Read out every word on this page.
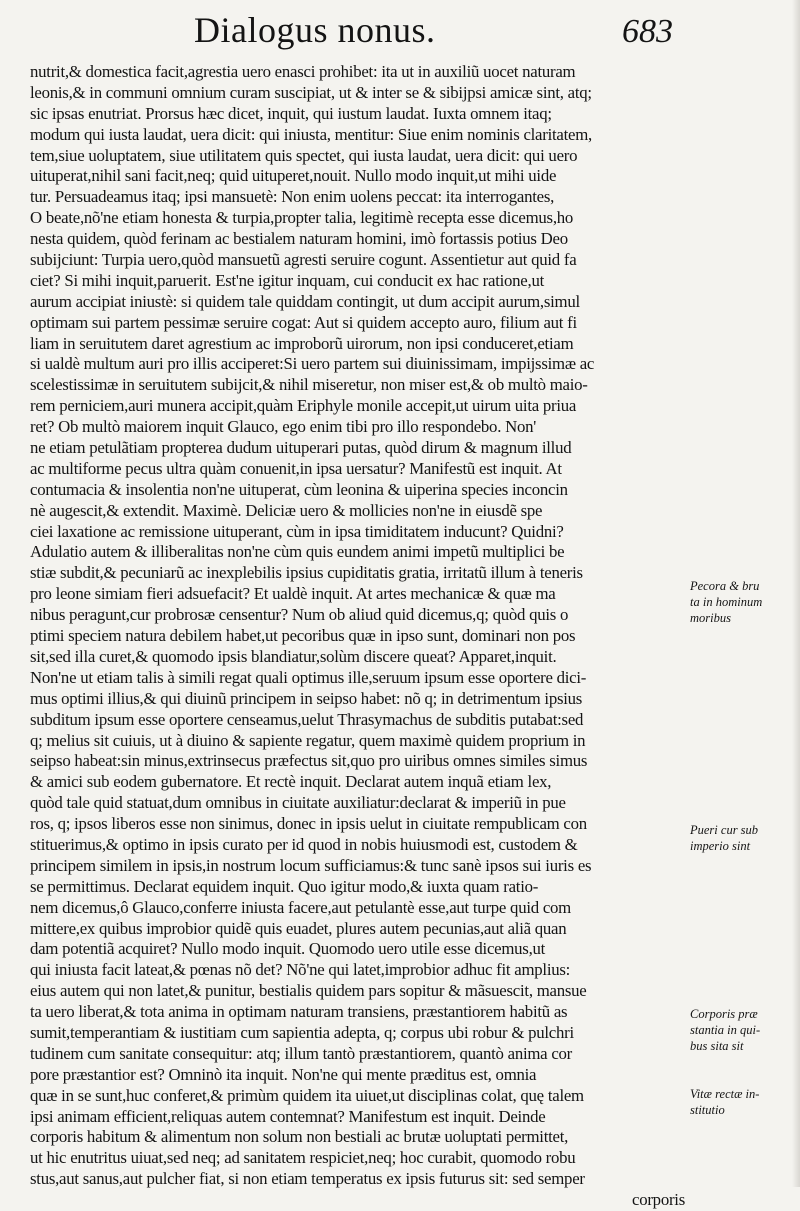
Dialogus nonus.	683
nutrit,& domestica facit,agrestia uero enasci prohibet: ita ut in auxiliũ uocet naturam
leonis,& in communi omnium curam suscipiat, ut & inter se & sibijpsi amicæ sint, atq;
sic ipsas enutriat. Prorsus hæc dicet, inquit, qui iustum laudat. Iuxta omnem itaq;
modum qui iusta laudat, uera dicit: qui iniusta, mentitur: Siue enim nominis claritatem,
tem,siue uoluptatem, siue utilitatem quis spectet, qui iusta laudat, uera dicit: qui uero
uituperat,nihil sani facit,neq; quid uituperet,nouit. Nullo modo inquit,ut mihi uide
tur. Persuadeamus itaq; ipsi mansuetè: Non enim uolens peccat: ita interrogantes,
O beate,nõ'ne etiam honesta & turpia,propter talia, legitimè recepta esse dicemus,ho
nesta quidem, quòd ferinam ac bestialem naturam homini, imò fortassis potius Deo
subijciunt: Turpia uero,quòd mansuetũ agresti seruire cogunt. Assentietur aut quid fa
ciet? Si mihi inquit,paruerit. Est'ne igitur inquam, cui conducit ex hac ratione,ut
aurum accipiat iniustè: si quidem tale quiddam contingit, ut dum accipit aurum,simul
optimam sui partem pessimæ seruire cogat: Aut si quidem accepto auro, filium aut fi
liam in seruitutem daret agrestium ac improborũ uirorum, non ipsi conduceret,etiam
si ualdè multum auri pro illis acciperet:Si uero partem sui diuinissimam, impijssimæ ac
scelestissimæ in seruitutem subijcit,& nihil miseretur, non miser est,& ob multò maio-
rem perniciem,auri munera accipit,quàm Eriphyle monile accepit,ut uirum uita priua
ret? Ob multò maiorem inquit Glauco, ego enim tibi pro illo respondebo. Non'
ne etiam petulãtiam propterea dudum uituperari putas, quòd dirum & magnum illud
ac multiforme pecus ultra quàm conuenit,in ipsa uersatur? Manifestũ est inquit. At
contumacia & insolentia non'ne uituperat, cùm leonina & uiperina species inconcin
nè augescit,& extendit. Maximè. Deliciæ uero & mollicies non'ne in eiusdẽ spe
ciei laxatione ac remissione uituperant, cùm in ipsa timiditatem inducunt? Quidni?
Adulatio autem & illiberalitas non'ne cùm quis eundem animi impetũ multiplici be
stiæ subdit,& pecuniarũ ac inexplebilis ipsius cupiditatis gratia, irritatũ illum à teneris
pro leone simiam fieri adsuefacit? Et ualdè inquit. At artes mechanicæ & quæ ma
nibus peragunt,cur probrosæ censentur? Num ob aliud quid dicemus,q; quòd quis o
ptimi speciem natura debilem habet,ut pecoribus quæ in ipso sunt, dominari non pos
sit,sed illa curet,& quomodo ipsis blandiatur,solùm discere queat? Apparet,inquit.
Non'ne ut etiam talis à simili regat quali optimus ille,seruum ipsum esse oportere dici-
mus optimi illius,& qui diuinũ principem in seipso habet: nõ q; in detrimentum ipsius
subditum ipsum esse oportere censeamus,uelut Thrasymachus de subditis putabat:sed
q; melius sit cuiuis, ut à diuino & sapiente regatur, quem maximè quidem proprium in
seipso habeat:sin minus,extrinsecus præfectus sit,quo pro uiribus omnes similes simus
& amici sub eodem gubernatore. Et rectè inquit. Declarat autem inquã etiam lex,
quòd tale quid statuat,dum omnibus in ciuitate auxiliatur:declarat & imperiũ in pue
ros, q; ipsos liberos esse non sinimus, donec in ipsis uelut in ciuitate rempublicam con
stituerimus,& optimo in ipsis curato per id quod in nobis huiusmodi est, custodem &
principem similem in ipsis,in nostrum locum sufficiamus:& tunc sanè ipsos sui iuris es
se permittimus. Declarat equidem inquit. Quo igitur modo,& iuxta quam ratio-
nem dicemus,ô Glauco,conferre iniusta facere,aut petulantè esse,aut turpe quid com
mittere,ex quibus improbior quidẽ quis euadet, plures autem pecunias,aut aliã quan
dam potentiã acquiret? Nullo modo inquit. Quomodo uero utile esse dicemus,ut
qui iniusta facit lateat,& pœnas nõ det? Nõ'ne qui latet,improbior adhuc fit amplius:
eius autem qui non latet,& punitur, bestialis quidem pars sopitur & mãsuescit, mansue
ta uero liberat,& tota anima in optimam naturam transiens, præstantiorem habitũ as
sumit,temperantiam & iustitiam cum sapientia adepta, q; corpus ubi robur & pulchri
tudinem cum sanitate consequitur: atq; illum tantò præstantiorem, quantò anima cor
pore præstantior est? Omninò ita inquit. Non'ne qui mente præditus est, omnia
quæ in se sunt,huc conferet,& primùm quidem ita uiuet,ut disciplinas colat, quę talem
ipsi animam efficient,reliquas autem contemnat? Manifestum est inquit. Deinde
corporis habitum & alimentum non solum non bestiali ac brutæ uoluptati permittet,
ut hic enutritus uiuat,sed neq; ad sanitatem respiciet,neq; hoc curabit, quomodo robu
stus,aut sanus,aut pulcher fiat, si non etiam temperatus ex ipsis futurus sit: sed semper
corporis
Pecora & bru
ta in hominum
moribus
Pueri cur sub
imperio sint
Corporis præ
stantia in qui-
bus sita sit
Vitæ rectæ in-
stitutio
